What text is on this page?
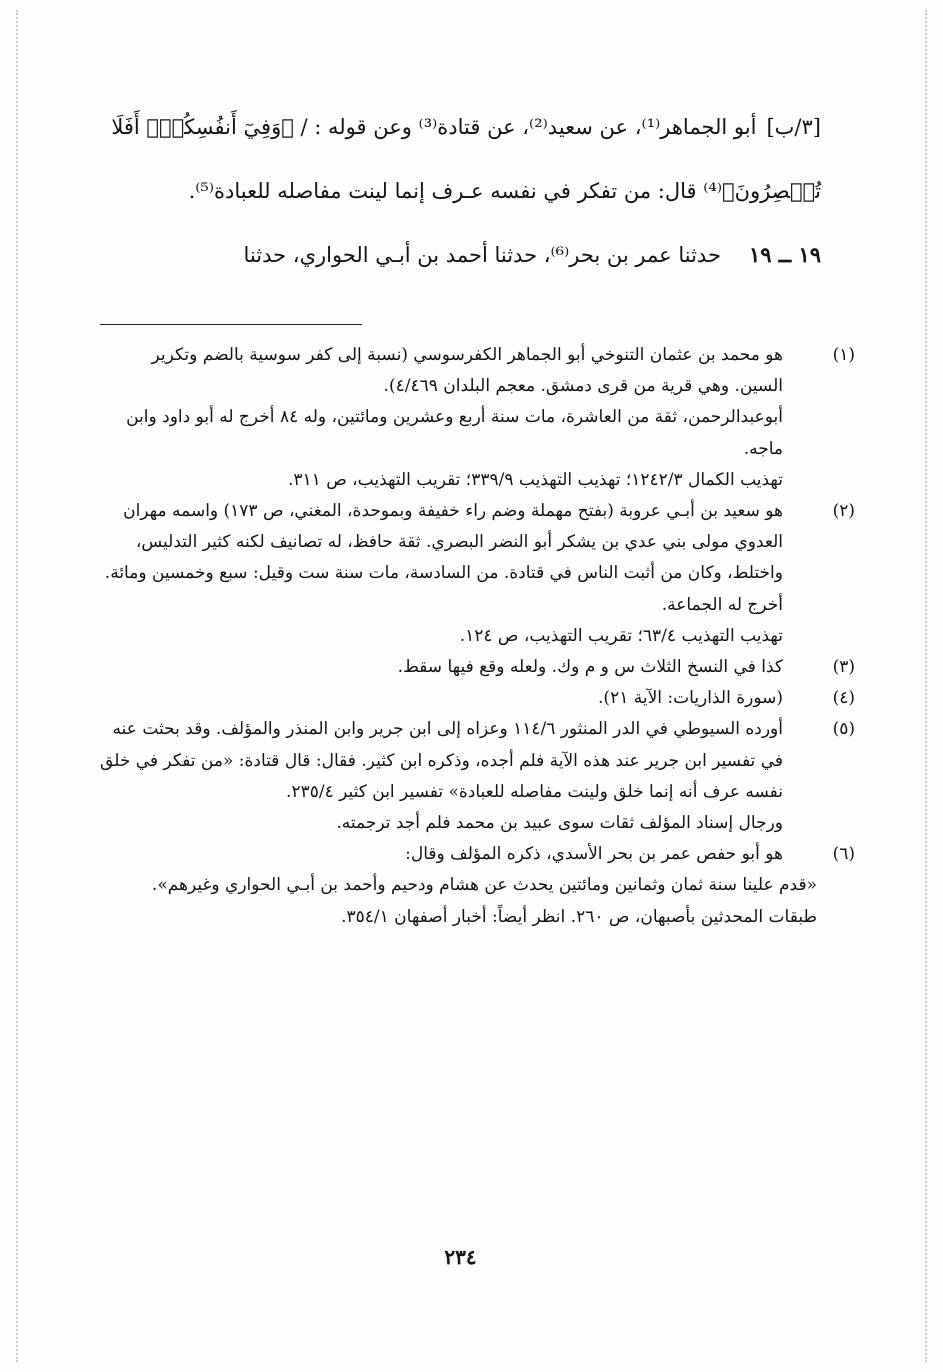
[٣/ب]أبو الجماهر⁽¹⁾، عن سعيد⁽²⁾، عن قتادة⁽³⁾ وعن قوله : / ﴿وَفِيٓ أَنفُسِكُمۡۚ أَفَلَا
تُبۡصِرُونَ﴾⁽⁴⁾ قال: من تفكر في نفسه عـرف إنما لينت مفاصله للعبادة⁽⁵⁾.
١٩ ــ ١٩حدثنا عمر بن بحر⁽⁶⁾، حدثنا أحمد بن أبـي الحواري، حدثنا
(١)
هو محمد بن عثمان التنوخي أبو الجماهر الكفرسوسي (نسبة إلى كفر سوسية بالضم وتكرير السين. وهي قرية من قرى دمشق. معجم البلدان ٤/٤٦٩).
أبوعبدالرحمن، ثقة من العاشرة، مات سنة أربع وعشرين ومائتين، وله ٨٤ أخرج له أبو داود وابن ماجه.
تهذيب الكمال ١٢٤٢/٣؛ تهذيب التهذيب ٣٣٩/٩؛ تقريب التهذيب، ص ٣١١.
(٢)
هو سعيد بن أبـي عروبة (بفتح مهملة وضم راء خفيفة وبموحدة، المغني، ص ١٧٣) واسمه مهران العدوي مولى بني عدي بن يشكر أبو النضر البصري. ثقة حافظ، له تصانيف لكنه كثير التدليس، واختلط، وكان من أثبت الناس في قتادة. من السادسة، مات سنة ست وقيل: سبع وخمسين ومائة. أخرج له الجماعة.
تهذيب التهذيب ٦٣/٤؛ تقريب التهذيب، ص ١٢٤.
(٣)
كذا في النسخ الثلاث س و م وك. ولعله وقع فيها سقط.
(٤)
(سورة الذاريات: الآية ٢١).
(٥)
أورده السيوطي في الدر المنثور ١١٤/٦ وعزاه إلى ابن جرير وابن المنذر والمؤلف. وقد بحثت عنه في تفسير ابن جرير عند هذه الآية فلم أجده، وذكره ابن كثير. فقال: قال قتادة: «من تفكر في خلق نفسه عرف أنه إنما خلق ولينت مفاصله للعبادة» تفسير ابن كثير ٢٣٥/٤.
ورجال إسناد المؤلف ثقات سوى عبيد بن محمد فلم أجد ترجمته.
(٦)
هو أبو حفص عمر بن بحر الأسدي، ذكره المؤلف وقال:
«قدم علينا سنة ثمان وثمانين ومائتين يحدث عن هشام ودحيم وأحمد بن أبـي الحواري وغيرهم».
طبقات المحدثين بأصبهان، ص ٢٦٠. انظر أيضاً: أخبار أصفهان ٣٥٤/١.
٢٣٤
